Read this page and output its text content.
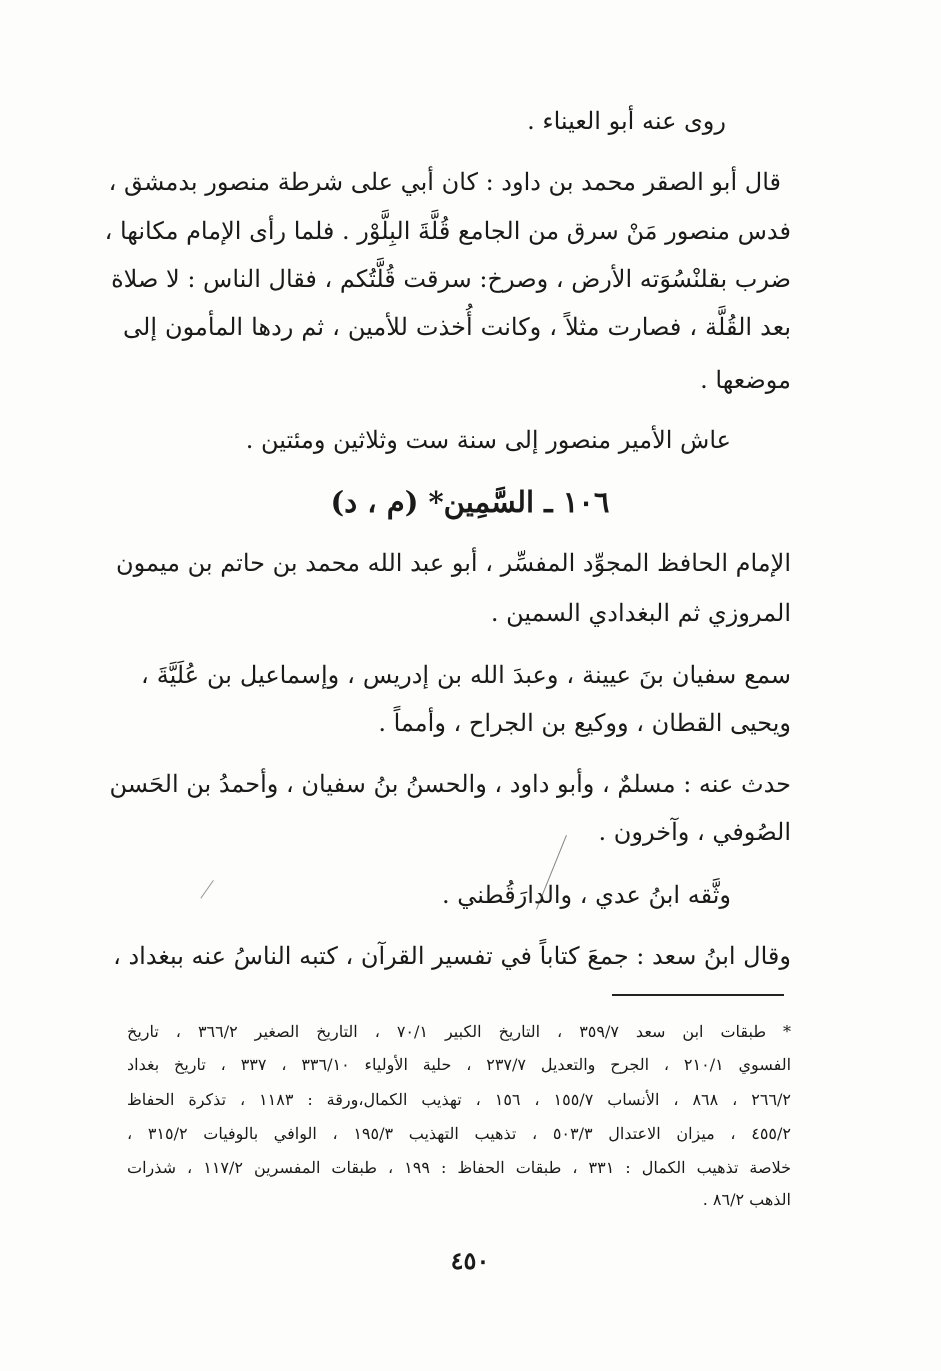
روى عنه أبو العيناء .
قال أبو الصقر محمد بن داود : كان أبي على شرطة منصور بدمشق ،
فدس منصور مَنْ سرق من الجامع قُلَّةَ البِلَّوْر . فلما رأى الإمام مكانها ،
ضرب بقلنْسُوَته الأرض ، وصرخ: سرقت قُلَّتُكم ، فقال الناس : لا صلاة
بعد القُلَّة ، فصارت مثلاً ، وكانت أُخذت للأمين ، ثم ردها المأمون إلى
موضعها .
عاش الأمير منصور إلى سنة ست وثلاثين ومئتين .
١٠٦ ـ السَّمِين* (م ، د)
الإمام الحافظ المجوِّد المفسِّر ، أبو عبد الله محمد بن حاتم بن ميمون
المروزي ثم البغدادي السمين .
سمع سفيان بنَ عيينة ، وعبدَ الله بن إدريس ، وإسماعيل بن عُلَيَّةَ ،
ويحيى القطان ، ووكيع بن الجراح ، وأمماً .
حدث عنه : مسلمٌ ، وأبو داود ، والحسنُ بنُ سفيان ، وأحمدُ بن الحَسن
الصُوفي ، وآخرون .
وثَّقه ابنُ عدي ، والدارَقُطني .
وقال ابنُ سعد : جمعَ كتاباً في تفسير القرآن ، كتبه الناسُ عنه ببغداد ،
* طبقات ابن سعد ٣٥٩/٧ ، التاريخ الكبير ٧٠/١ ، التاريخ الصغير ٣٦٦/٢ ، تاريخ
الفسوي ٢١٠/١ ، الجرح والتعديل ٢٣٧/٧ ، حلية الأولياء ٣٣٦/١٠ ، ٣٣٧ ، تاريخ بغداد
٢٦٦/٢ ، ٨٦٨ ، الأنساب ١٥٥/٧ ، ١٥٦ ، تهذيب الكمال،ورقة : ١١٨٣ ، تذكرة الحفاظ
٤٥٥/٢ ، ميزان الاعتدال ٥٠٣/٣ ، تذهيب التهذيب ١٩٥/٣ ، الوافي بالوفيات ٣١٥/٢ ،
خلاصة تذهيب الكمال : ٣٣١ ، طبقات الحفاظ : ١٩٩ ، طبقات المفسرين ١١٧/٢ ، شذرات
الذهب ٨٦/٢ .
٤٥٠
